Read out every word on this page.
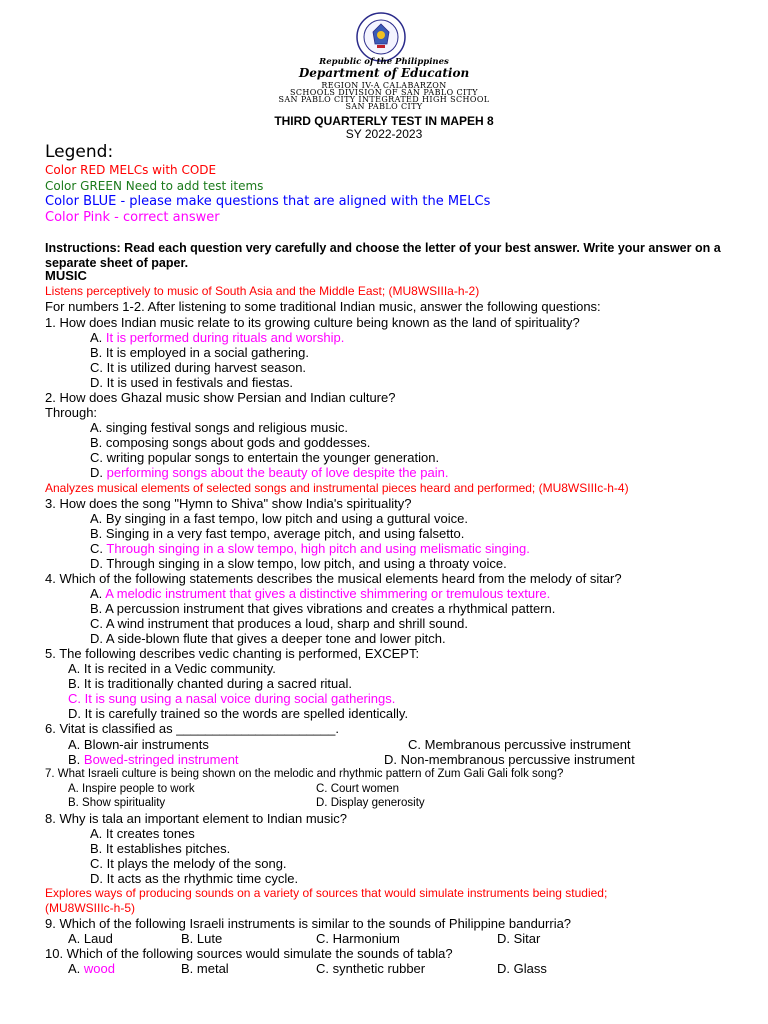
Republic of the Philippines
Department of Education
REGION IV-A CALABARZON
SCHOOLS DIVISION OF SAN PABLO CITY
SAN PABLO CITY INTEGRATED HIGH SCHOOL
SAN PABLO CITY
THIRD QUARTERLY TEST IN MAPEH 8
SY 2022-2023
Legend:
Color RED MELCs with CODE
Color GREEN Need to add test items
Color BLUE - please make questions that are aligned with the MELCs
Color Pink - correct answer
Instructions: Read each question very carefully and choose the letter of your best answer. Write your answer on a separate sheet of paper.
MUSIC
Listens perceptively to music of South Asia and the Middle East; (MU8WSIIIa-h-2)
For numbers 1-2. After listening to some traditional Indian music, answer the following questions:
1. How does Indian music relate to its growing culture being known as the land of spirituality?
A. It is performed during rituals and worship.
B. It is employed in a social gathering.
C. It is utilized during harvest season.
D. It is used in festivals and fiestas.
2. How does Ghazal music show Persian and Indian culture?
Through:
A. singing festival songs and religious music.
B. composing songs about gods and goddesses.
C. writing popular songs to entertain the younger generation.
D. performing songs about the beauty of love despite the pain.
Analyzes musical elements of selected songs and instrumental pieces heard and performed; (MU8WSIIIc-h-4)
3. How does the song "Hymn to Shiva" show India's spirituality?
A. By singing in a fast tempo, low pitch and using a guttural voice.
B. Singing in a very fast tempo, average pitch, and using falsetto.
C. Through singing in a slow tempo, high pitch and using melismatic singing.
D. Through singing in a slow tempo, low pitch, and using a throaty voice.
4. Which of the following statements describes the musical elements heard from the melody of sitar?
A. A melodic instrument that gives a distinctive shimmering or tremulous texture.
B. A percussion instrument that gives vibrations and creates a rhythmical pattern.
C. A wind instrument that produces a loud, sharp and shrill sound.
D. A side-blown flute that gives a deeper tone and lower pitch.
5. The following describes vedic chanting is performed, EXCEPT:
A. It is recited in a Vedic community.
B. It is traditionally chanted during a sacred ritual.
C. It is sung using a nasal voice during social gatherings.
D. It is carefully trained so the words are spelled identically.
6. Vitat is classified as ______________________.
A. Blown-air instruments	C. Membranous percussive instrument
B. Bowed-stringed instrument	D. Non-membranous percussive instrument
7. What Israeli culture is being shown on the melodic and rhythmic pattern of Zum Gali Gali folk song?
A. Inspire people to work	C. Court women
B. Show spirituality	D. Display generosity
8. Why is tala an important element to Indian music?
A. It creates tones
B. It establishes pitches.
C. It plays the melody of the song.
D. It acts as the rhythmic time cycle.
Explores ways of producing sounds on a variety of sources that would simulate instruments being studied;
(MU8WSIIIc-h-5)
9. Which of the following Israeli instruments is similar to the sounds of Philippine bandurria?
A. Laud	B. Lute	C. Harmonium	D. Sitar
10. Which of the following sources would simulate the sounds of tabla?
A. wood	B. metal	C. synthetic rubber	D. Glass
